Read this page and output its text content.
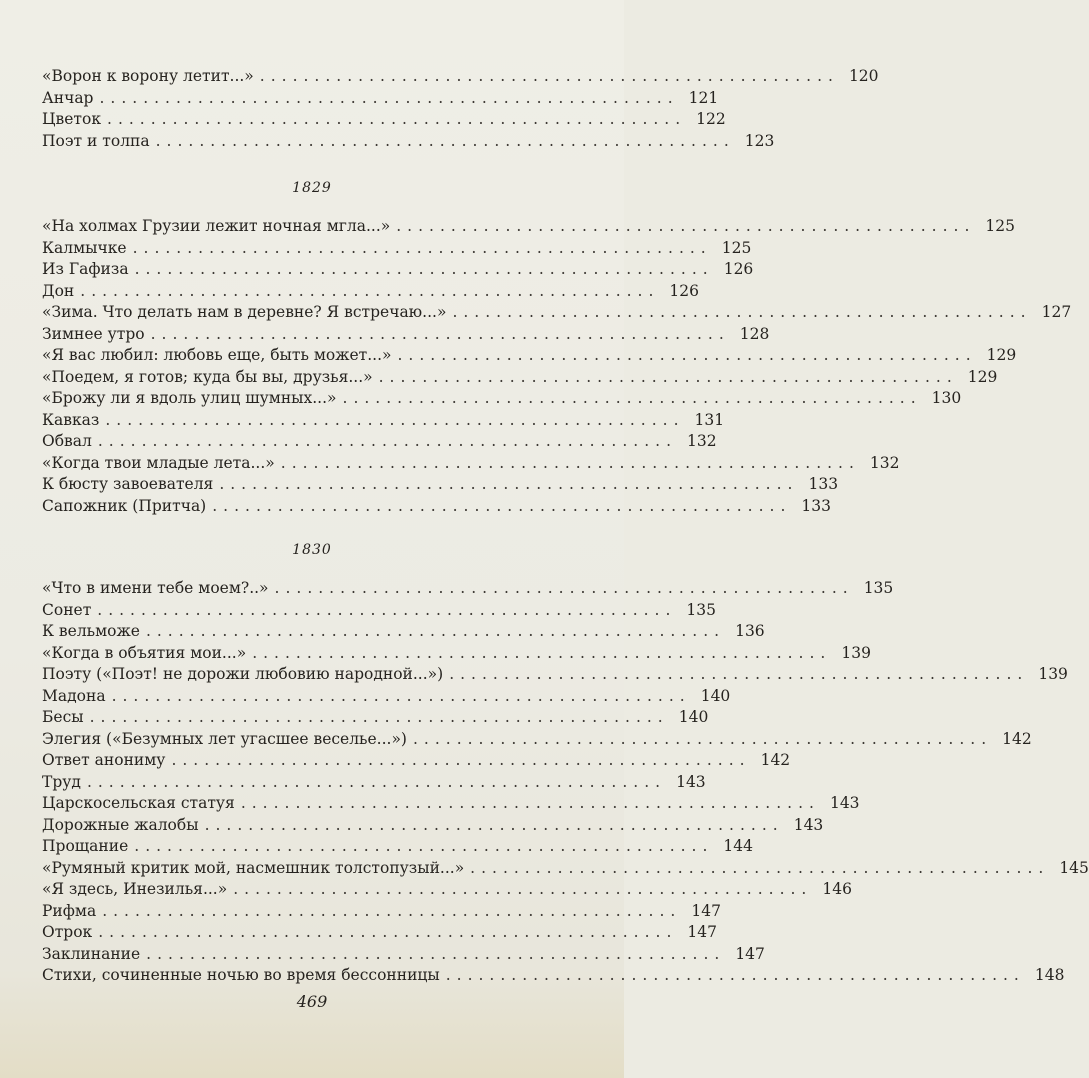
«Ворон к ворону летит...» ..................................................... 120
Анчар ..................................................... 121
Цветок ..................................................... 122
Поэт и толпа ..................................................... 123
1829
«На холмах Грузии лежит ночная мгла...» ..................................................... 125
Калмычке ..................................................... 125
Из Гафиза ..................................................... 126
Дон ..................................................... 126
«Зима. Что делать нам в деревне? Я встречаю...» ..................................................... 127
Зимнее утро ..................................................... 128
«Я вас любил: любовь еще, быть может...» ..................................................... 129
«Поедем, я готов; куда бы вы, друзья...» ..................................................... 129
«Брожу ли я вдоль улиц шумных...» ..................................................... 130
Кавказ ..................................................... 131
Обвал ..................................................... 132
«Когда твои младые лета...» ..................................................... 132
К бюсту завоевателя ..................................................... 133
Сапожник (Притча) ..................................................... 133
1830
«Что в имени тебе моем?..» ..................................................... 135
Сонет ..................................................... 135
К вельможе ..................................................... 136
«Когда в объятия мои...» ..................................................... 139
Поэту («Поэт! не дорожи любовию народной...») ..................................................... 139
Мадона ..................................................... 140
Бесы ..................................................... 140
Элегия («Безумных лет угасшее веселье...») ..................................................... 142
Ответ анониму ..................................................... 142
Труд ..................................................... 143
Царскосельская статуя ..................................................... 143
Дорожные жалобы ..................................................... 143
Прощание ..................................................... 144
«Румяный критик мой, насмешник толстопузый...» ..................................................... 145
«Я здесь, Инезилья...» ..................................................... 146
Рифма ..................................................... 147
Отрок ..................................................... 147
Заклинание ..................................................... 147
Стихи, сочиненные ночью во время бессонницы ..................................................... 148
469
